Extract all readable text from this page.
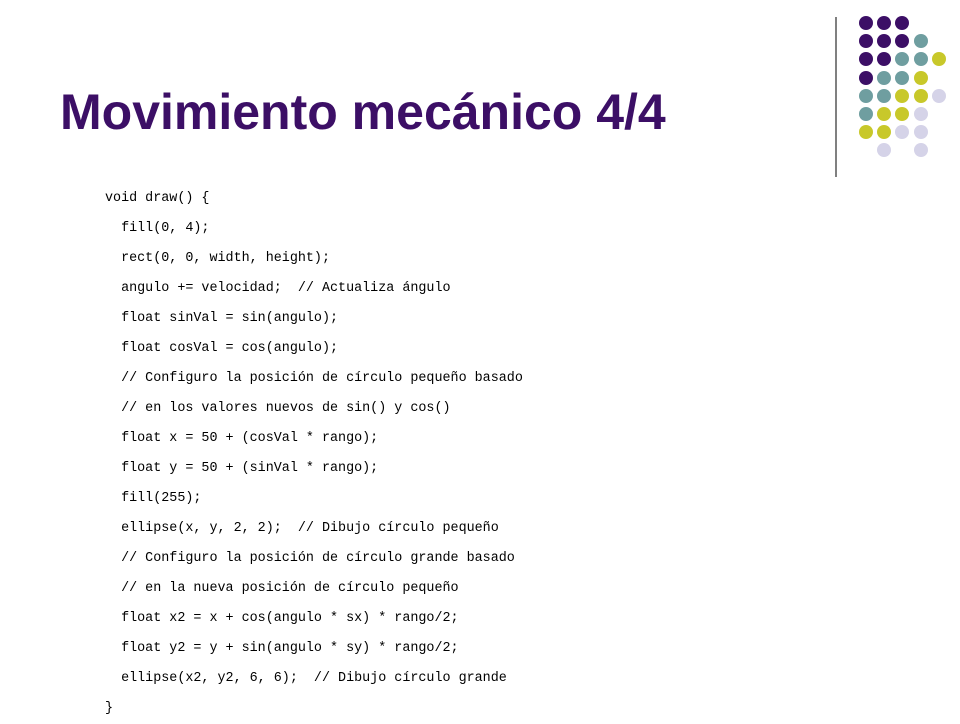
Movimiento mecánico 4/4
void draw() {
fill(0, 4);
rect(0, 0, width, height);
angulo += velocidad;  // Actualiza ángulo
float sinVal = sin(angulo);
float cosVal = cos(angulo);
// Configuro la posición de círculo pequeño basado
// en los valores nuevos de sin() y cos()
float x = 50 + (cosVal * rango);
float y = 50 + (sinVal * rango);
fill(255);
ellipse(x, y, 2, 2);  // Dibujo círculo pequeño
// Configuro la posición de círculo grande basado
// en la nueva posición de círculo pequeño
float x2 = x + cos(angulo * sx) * rango/2;
float y2 = y + sin(angulo * sy) * rango/2;
ellipse(x2, y2, 6, 6);  // Dibujo círculo grande
}
